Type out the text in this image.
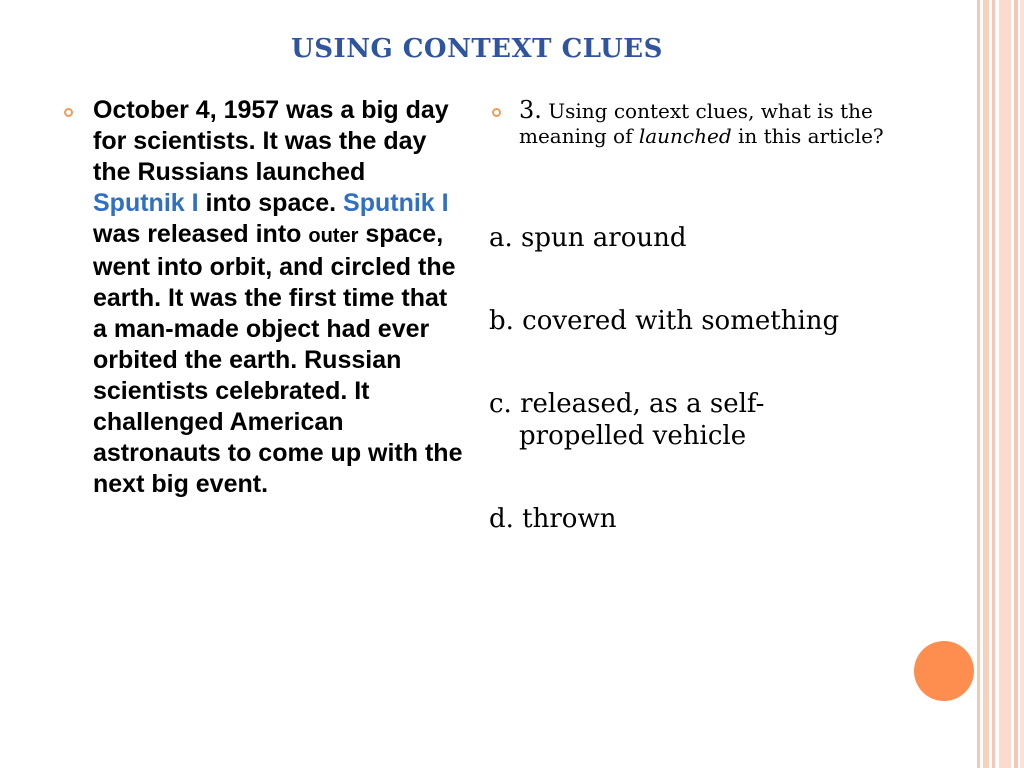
USING CONTEXT CLUES

October 4, 1957 was a big day for scientists. It was the day the Russians launched Sputnik I into space. Sputnik I was released into outer space, went into orbit, and circled the earth. It was the first time that a man-made object had ever orbited the earth. Russian scientists celebrated. It challenged American astronauts to come up with the next big event.

3. Using context clues, what is the meaning of launched in this article?

a. spun around

b. covered with something

c. released, as a self-
propelled vehicle

d. thrown
